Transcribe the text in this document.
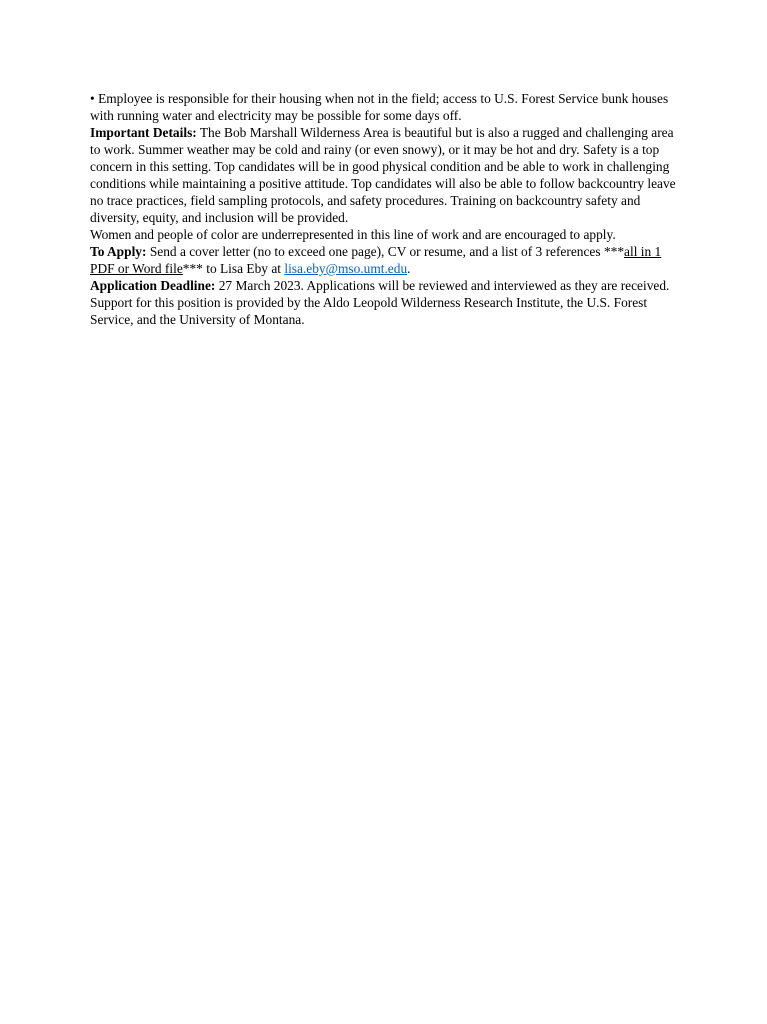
• Employee is responsible for their housing when not in the field; access to U.S. Forest Service bunk houses with running water and electricity may be possible for some days off.

Important Details: The Bob Marshall Wilderness Area is beautiful but is also a rugged and challenging area to work. Summer weather may be cold and rainy (or even snowy), or it may be hot and dry. Safety is a top concern in this setting. Top candidates will be in good physical condition and be able to work in challenging conditions while maintaining a positive attitude. Top candidates will also be able to follow backcountry leave no trace practices, field sampling protocols, and safety procedures. Training on backcountry safety and diversity, equity, and inclusion will be provided.

Women and people of color are underrepresented in this line of work and are encouraged to apply.

To Apply: Send a cover letter (no to exceed one page), CV or resume, and a list of 3 references ***all in 1 PDF or Word file*** to Lisa Eby at lisa.eby@mso.umt.edu.

Application Deadline: 27 March 2023. Applications will be reviewed and interviewed as they are received.

Support for this position is provided by the Aldo Leopold Wilderness Research Institute, the U.S. Forest Service, and the University of Montana.
